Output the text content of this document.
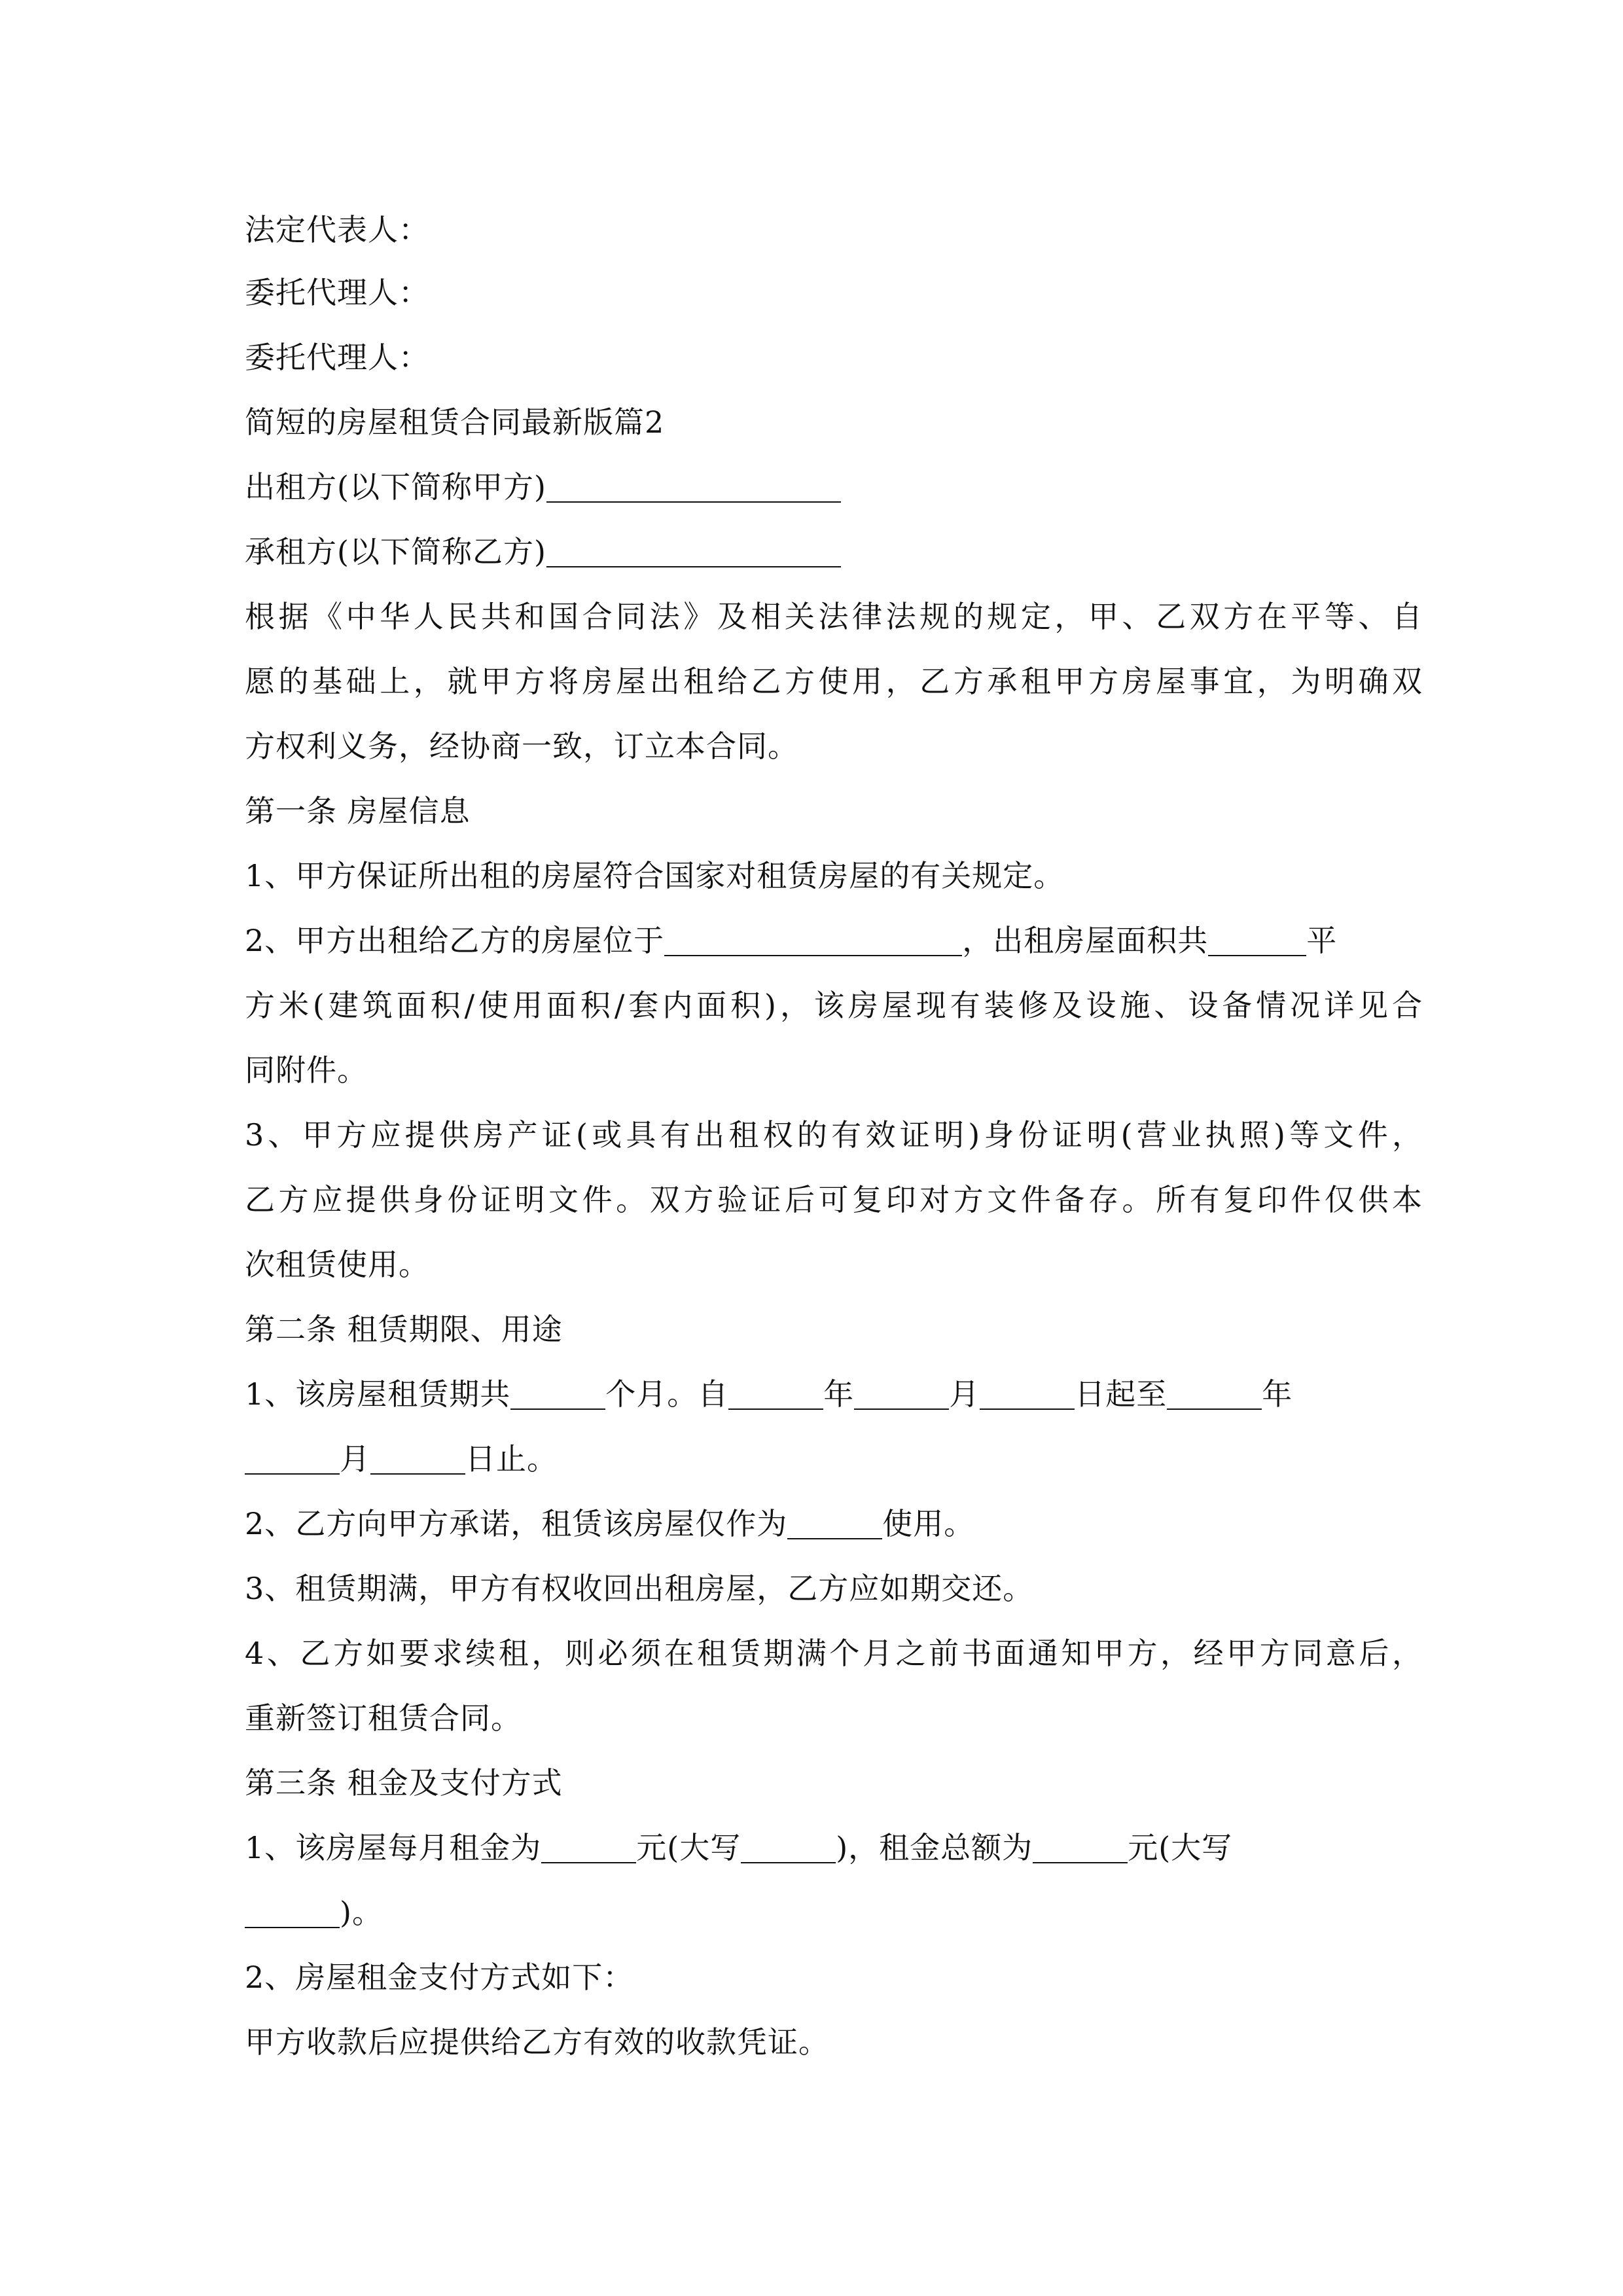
法定代表人：
委托代理人：
委托代理人：
简短的房屋租赁合同最新版篇2
出租方(以下简称甲方)
承租方(以下简称乙方)
根据《中华人民共和国合同法》及相关法律法规的规定，甲、乙双方在平等、自
愿的基础上，就甲方将房屋出租给乙方使用，乙方承租甲方房屋事宜，为明确双
方权利义务，经协商一致，订立本合同。
第一条 房屋信息
1、甲方保证所出租的房屋符合国家对租赁房屋的有关规定。
2、甲方出租给乙方的房屋位于	，出租房屋面积共	平
方米(建筑面积/使用面积/套内面积)，该房屋现有装修及设施、设备情况详见合
同附件。
3、甲方应提供房产证(或具有出租权的有效证明)身份证明(营业执照)等文件，
乙方应提供身份证明文件。双方验证后可复印对方文件备存。所有复印件仅供本
次租赁使用。
第二条 租赁期限、用途
1、该房屋租赁期共	个月。自	年	月	日起至	年
月	日止。
2、乙方向甲方承诺，租赁该房屋仅作为	使用。
3、租赁期满，甲方有权收回出租房屋，乙方应如期交还。
4、乙方如要求续租，则必须在租赁期满个月之前书面通知甲方，经甲方同意后，
重新签订租赁合同。
第三条 租金及支付方式
1、该房屋每月租金为	元(大写	)，租金总额为	元(大写
)。
2、房屋租金支付方式如下：
甲方收款后应提供给乙方有效的收款凭证。
